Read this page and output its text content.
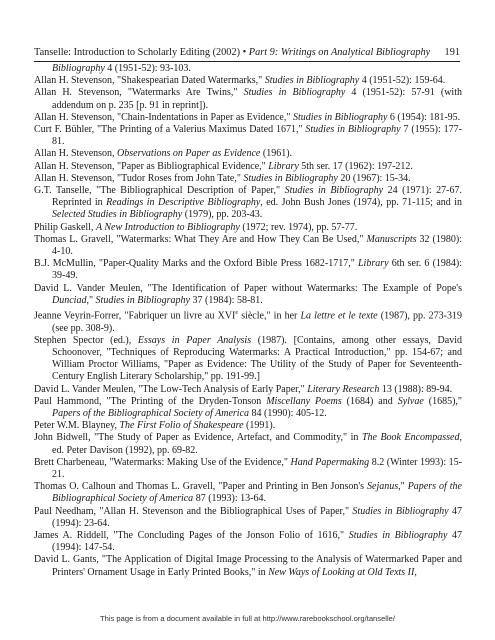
Tanselle: Introduction to Scholarly Editing (2002) • Part 9: Writings on Analytical Bibliography 191
Bibliography 4 (1951-52): 93-103.
Allan H. Stevenson, "Shakespearian Dated Watermarks," Studies in Bibliography 4 (1951-52): 159-64.
Allan H. Stevenson, "Watermarks Are Twins," Studies in Bibliography 4 (1951-52): 57-91 (with addendum on p. 235 [p. 91 in reprint]).
Allan H. Stevenson, "Chain-Indentations in Paper as Evidence," Studies in Bibliography 6 (1954): 181-95.
Curt F. Bühler, "The Printing of a Valerius Maximus Dated 1671," Studies in Bibliography 7 (1955): 177-81.
Allan H. Stevenson, Observations on Paper as Evidence (1961).
Allan H. Stevenson, "Paper as Bibliographical Evidence," Library 5th ser. 17 (1962): 197-212.
Allan H. Stevenson, "Tudor Roses from John Tate," Studies in Bibliography 20 (1967): 15-34.
G.T. Tanselle, "The Bibliographical Description of Paper," Studies in Bibliography 24 (1971): 27-67. Reprinted in Readings in Descriptive Bibliography, ed. John Bush Jones (1974), pp. 71-115; and in Selected Studies in Bibliography (1979), pp. 203-43.
Philip Gaskell, A New Introduction to Bibliography (1972; rev. 1974), pp. 57-77.
Thomas L. Gravell, "Watermarks: What They Are and How They Can Be Used," Manuscripts 32 (1980): 4-10.
B.J. McMullin, "Paper-Quality Marks and the Oxford Bible Press 1682-1717," Library 6th ser. 6 (1984): 39-49.
David L. Vander Meulen, "The Identification of Paper without Watermarks: The Example of Pope's Dunciad," Studies in Bibliography 37 (1984): 58-81.
Jeanne Veyrin-Forrer, "Fabriquer un livre au XVIe siècle," in her La lettre et le texte (1987), pp. 273-319 (see pp. 308-9).
Stephen Spector (ed.), Essays in Paper Analysis (1987). [Contains, among other essays, David Schoonover, "Techniques of Reproducing Watermarks: A Practical Introduction," pp. 154-67; and William Proctor Williams, "Paper as Evidence: The Utility of the Study of Paper for Seventeenth-Century English Literary Scholarship," pp. 191-99.]
David L. Vander Meulen, "The Low-Tech Analysis of Early Paper," Literary Research 13 (1988): 89-94.
Paul Hammond, "The Printing of the Dryden-Tonson Miscellany Poems (1684) and Sylvae (1685)," Papers of the Bibliographical Society of America 84 (1990): 405-12.
Peter W.M. Blayney, The First Folio of Shakespeare (1991).
John Bidwell, "The Study of Paper as Evidence, Artefact, and Commodity," in The Book Encompassed, ed. Peter Davison (1992), pp. 69-82.
Brett Charbeneau, "Watermarks: Making Use of the Evidence," Hand Papermaking 8.2 (Winter 1993): 15-21.
Thomas O. Calhoun and Thomas L. Gravell, "Paper and Printing in Ben Jonson's Sejanus," Papers of the Bibliographical Society of America 87 (1993): 13-64.
Paul Needham, "Allan H. Stevenson and the Bibliographical Uses of Paper," Studies in Bibliography 47 (1994): 23-64.
James A. Riddell, "The Concluding Pages of the Jonson Folio of 1616," Studies in Bibliography 47 (1994): 147-54.
David L. Gants, "The Application of Digital Image Processing to the Analysis of Watermarked Paper and Printers' Ornament Usage in Early Printed Books," in New Ways of Looking at Old Texts II,
This page is from a document available in full at http://www.rarebookschool.org/tanselle/
